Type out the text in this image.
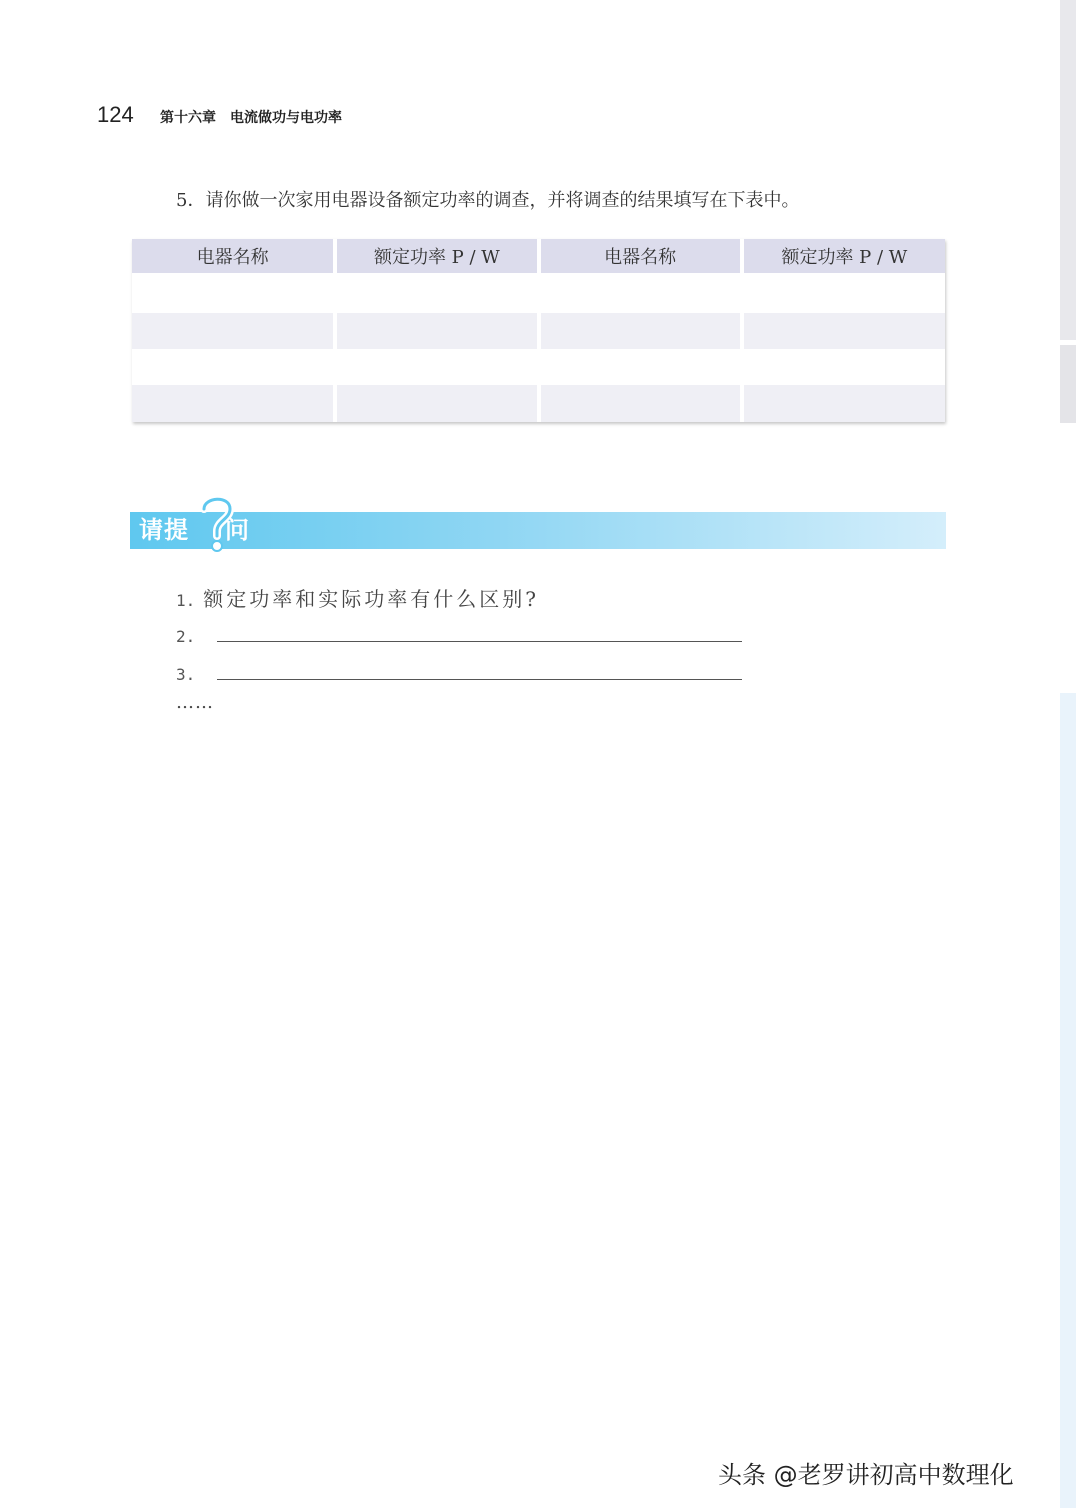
124 第十六章　电流做功与电功率
5．请你做一次家用电器设备额定功率的调查，并将调查的结果填写在下表中。
电器名称	额定功率 P / W	电器名称	额定功率 P / W

请提 问
1. 额定功率和实际功率有什么区别?
2.
3.
……
头条 @老罗讲初高中数理化
